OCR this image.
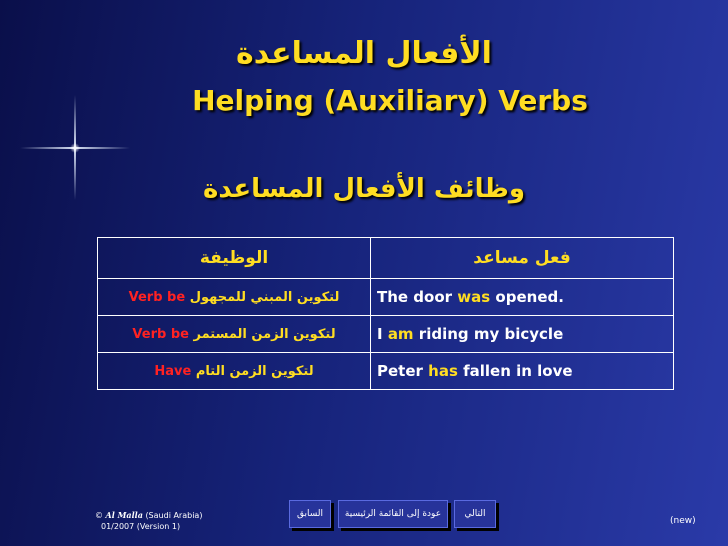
الأفعال المساعدة
Helping (Auxiliary) Verbs
وظائف الأفعال المساعدة
الوظيفة	فعل مساعد
Verb be لتكوين المبني للمجهول	The door was opened.
Verb be لتكوين الزمن المستمر	I am riding my bicycle
Have لتكوين الزمن التام	Peter has fallen in love
السابق	عودة إلى القائمة الرئيسية	التالي
© Al Malla (Saudi Arabia)
01/2007 (Version 1)
(new)
